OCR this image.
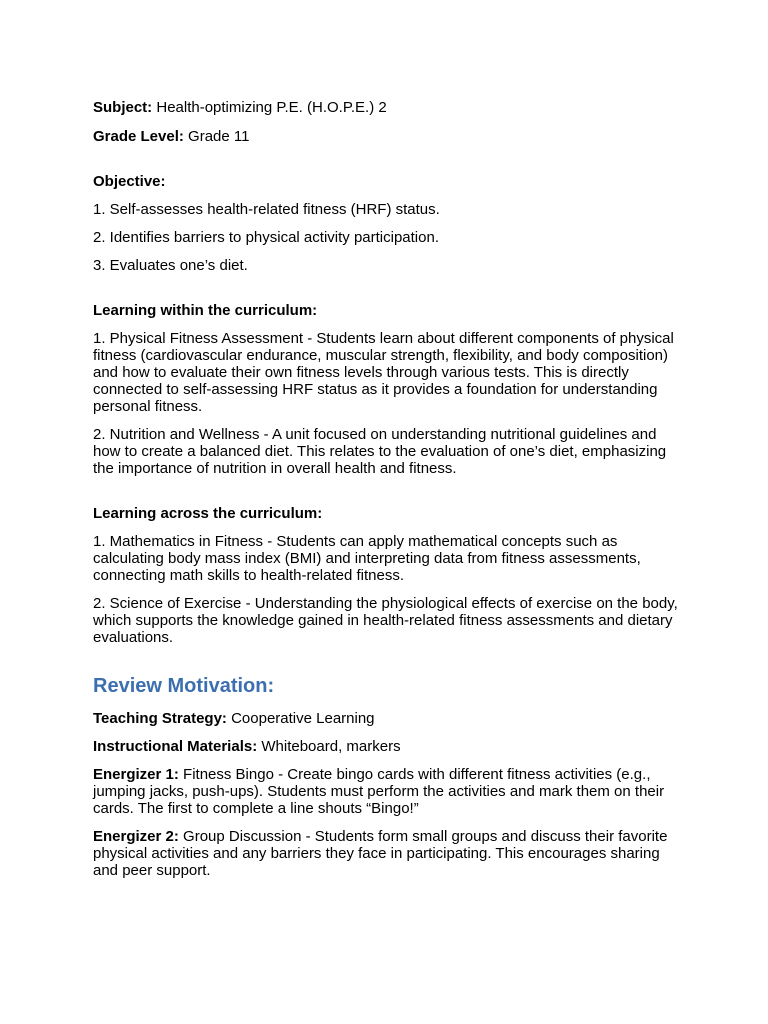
Subject: Health-optimizing P.E. (H.O.P.E.) 2

Grade Level: Grade 11

Objective:

1. Self-assesses health-related fitness (HRF) status.

2. Identifies barriers to physical activity participation.

3. Evaluates one’s diet.

Learning within the curriculum:

1. Physical Fitness Assessment - Students learn about different components of physical fitness (cardiovascular endurance, muscular strength, flexibility, and body composition) and how to evaluate their own fitness levels through various tests. This is directly connected to self-assessing HRF status as it provides a foundation for understanding personal fitness.

2. Nutrition and Wellness - A unit focused on understanding nutritional guidelines and how to create a balanced diet. This relates to the evaluation of one’s diet, emphasizing the importance of nutrition in overall health and fitness.

Learning across the curriculum:

1. Mathematics in Fitness - Students can apply mathematical concepts such as calculating body mass index (BMI) and interpreting data from fitness assessments, connecting math skills to health-related fitness.

2. Science of Exercise - Understanding the physiological effects of exercise on the body, which supports the knowledge gained in health-related fitness assessments and dietary evaluations.

Review Motivation:

Teaching Strategy: Cooperative Learning

Instructional Materials: Whiteboard, markers

Energizer 1: Fitness Bingo - Create bingo cards with different fitness activities (e.g., jumping jacks, push-ups). Students must perform the activities and mark them on their cards. The first to complete a line shouts “Bingo!”

Energizer 2: Group Discussion - Students form small groups and discuss their favorite physical activities and any barriers they face in participating. This encourages sharing and peer support.
